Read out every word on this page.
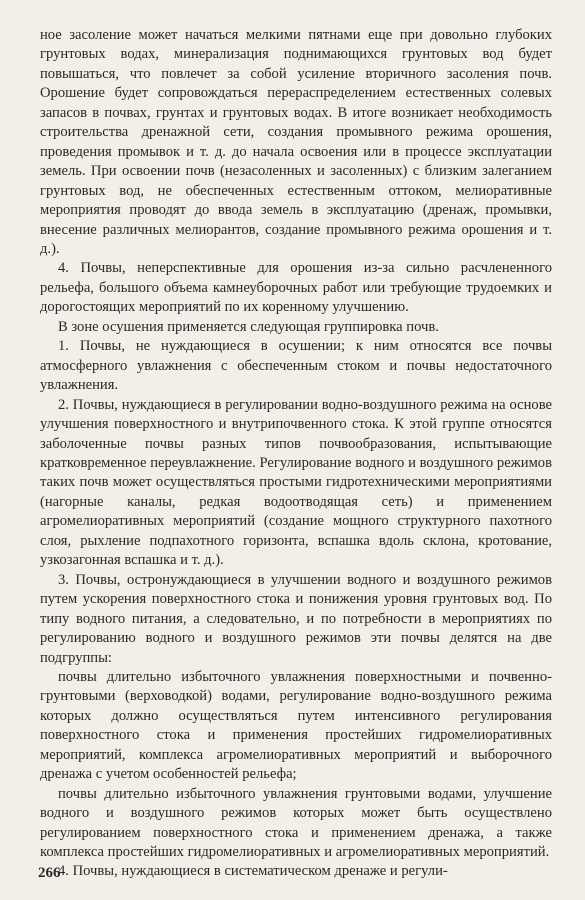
ное засоление может начаться мелкими пятнами еще при довольно глубоких грунтовых водах, минерализация поднимающихся грунтовых вод будет повышаться, что повлечет за собой усиление вторичного засоления почв. Орошение будет сопровождаться перераспределением естественных солевых запасов в почвах, грунтах и грунтовых водах. В итоге возникает необходимость строительства дренажной сети, создания промывного режима орошения, проведения промывок и т. д. до начала освоения или в процессе эксплуатации земель. При освоении почв (незасоленных и засоленных) с близким залеганием грунтовых вод, не обеспеченных естественным оттоком, мелиоративные мероприятия проводят до ввода земель в эксплуатацию (дренаж, промывки, внесение различных мелиорантов, создание промывного режима орошения и т. д.).

4. Почвы, неперспективные для орошения из-за сильно расчлененного рельефа, большого объема камнеуборочных работ или требующие трудоемких и дорогостоящих мероприятий по их коренному улучшению.

В зоне осушения применяется следующая группировка почв.

1. Почвы, не нуждающиеся в осушении; к ним относятся все почвы атмосферного увлажнения с обеспеченным стоком и почвы недостаточного увлажнения.

2. Почвы, нуждающиеся в регулировании водно-воздушного режима на основе улучшения поверхностного и внутрипочвенного стока. К этой группе относятся заболоченные почвы разных типов почвообразования, испытывающие кратковременное переувлажнение. Регулирование водного и воздушного режимов таких почв может осуществляться простыми гидротехническими мероприятиями (нагорные каналы, редкая водоотводящая сеть) и применением агромелиоративных мероприятий (создание мощного структурного пахотного слоя, рыхление подпахотного горизонта, вспашка вдоль склона, кротование, узкозагонная вспашка и т. д.).

3. Почвы, остронуждающиеся в улучшении водного и воздушного режимов путем ускорения поверхностного стока и понижения уровня грунтовых вод. По типу водного питания, а следовательно, и по потребности в мероприятиях по регулированию водного и воздушного режимов эти почвы делятся на две подгруппы:

почвы длительно избыточного увлажнения поверхностными и почвенно-грунтовыми (верховодкой) водами, регулирование водно-воздушного режима которых должно осуществляться путем интенсивного регулирования поверхностного стока и применения простейших гидромелиоративных мероприятий, комплекса агромелиоративных мероприятий и выборочного дренажа с учетом особенностей рельефа;

почвы длительно избыточного увлажнения грунтовыми водами, улучшение водного и воздушного режимов которых может быть осуществлено регулированием поверхностного стока и применением дренажа, а также комплекса простейших гидромелиоративных и агромелиоративных мероприятий.

4. Почвы, нуждающиеся в систематическом дренаже и регули-

266
